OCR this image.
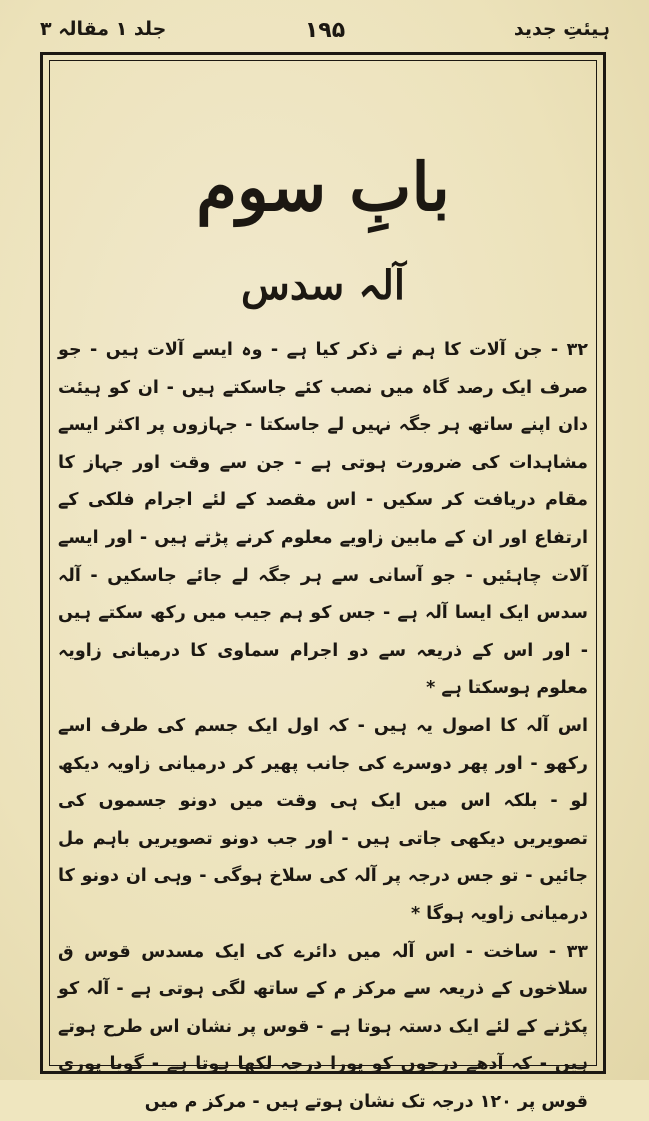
ہیئتِ جدید
۱۹۵
جلد ۱ مقالہ ۳
بابِ سوم
آلہ سدس

۳۲ - جن آلات کا ہم نے ذکر کیا ہے - وہ ایسے آلات ہیں - جو صرف ایک رصد گاہ میں نصب کئے جاسکتے ہیں - ان کو ہیئت دان اپنے ساتھ ہر جگہ نہیں لے جاسکتا - جہازوں پر اکثر ایسے مشاہدات کی ضرورت ہوتی ہے - جن سے وقت اور جہاز کا مقام دریافت کر سکیں - اس مقصد کے لئے اجرام فلکی کے ارتفاع اور ان کے مابین زاویے معلوم کرنے پڑتے ہیں - اور ایسے آلات چاہئیں - جو آسانی سے ہر جگہ لے جائے جاسکیں - آلہ سدس ایک ایسا آلہ ہے - جس کو ہم جیب میں رکھ سکتے ہیں - اور اس کے ذریعہ سے دو اجرام سماوی کا درمیانی زاویہ معلوم ہوسکتا ہے *

اس آلہ کا اصول یہ ہیں - کہ اول ایک جسم کی طرف اسے رکھو - اور پھر دوسرے کی جانب پھیر کر درمیانی زاویہ دیکھ لو - بلکہ اس میں ایک ہی وقت میں دونو جسموں کی تصویریں دیکھی جاتی ہیں - اور جب دونو تصویریں باہم مل جائیں - تو جس درجہ پر آلہ کی سلاخ ہوگی - وہی ان دونو کا درمیانی زاویہ ہوگا *

۳۳ - ساخت - اس آلہ میں دائرے کی ایک مسدس قوس ق سلاخوں کے ذریعہ سے مرکز م کے ساتھ لگی ہوتی ہے - آلہ کو پکڑنے کے لئے ایک دستہ ہوتا ہے - قوس پر نشان اس طرح ہوتے ہیں - کہ آدھے درجوں کو پورا درجہ لکھا ہوتا ہے - گویا پوری قوس پر ۱۲۰ درجہ تک نشان ہوتے ہیں - مرکز م میں
